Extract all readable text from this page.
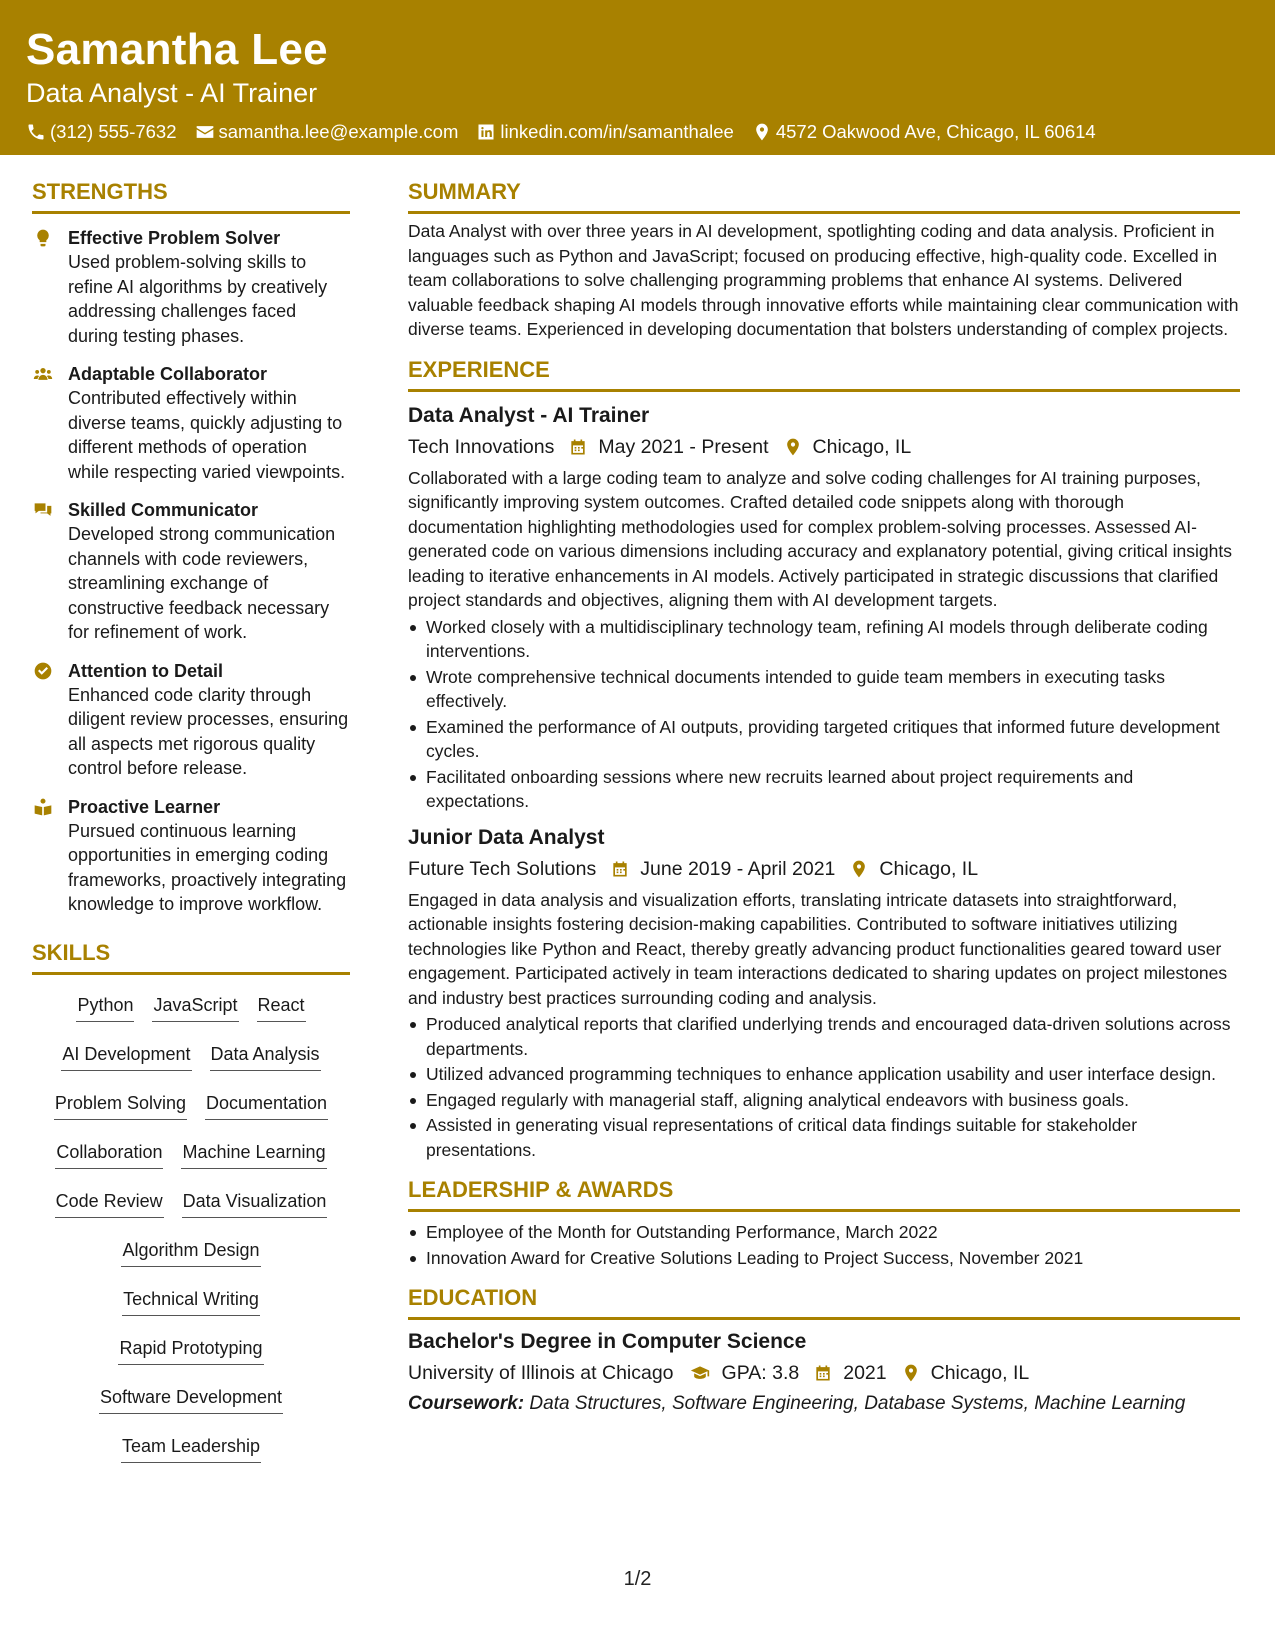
Samantha Lee
Data Analyst - AI Trainer
(312) 555-7632 samantha.lee@example.com linkedin.com/in/samanthalee 4572 Oakwood Ave, Chicago, IL 60614
STRENGTHS
Effective Problem Solver
Used problem-solving skills to refine AI algorithms by creatively addressing challenges faced during testing phases.
Adaptable Collaborator
Contributed effectively within diverse teams, quickly adjusting to different methods of operation while respecting varied viewpoints.
Skilled Communicator
Developed strong communication channels with code reviewers, streamlining exchange of constructive feedback necessary for refinement of work.
Attention to Detail
Enhanced code clarity through diligent review processes, ensuring all aspects met rigorous quality control before release.
Proactive Learner
Pursued continuous learning opportunities in emerging coding frameworks, proactively integrating knowledge to improve workflow.
SKILLS
Python JavaScript React
AI Development Data Analysis
Problem Solving Documentation
Collaboration Machine Learning
Code Review Data Visualization
Algorithm Design
Technical Writing
Rapid Prototyping
Software Development
Team Leadership
SUMMARY
Data Analyst with over three years in AI development, spotlighting coding and data analysis. Proficient in languages such as Python and JavaScript; focused on producing effective, high-quality code. Excelled in team collaborations to solve challenging programming problems that enhance AI systems. Delivered valuable feedback shaping AI models through innovative efforts while maintaining clear communication with diverse teams. Experienced in developing documentation that bolsters understanding of complex projects.
EXPERIENCE
Data Analyst - AI Trainer
Tech Innovations May 2021 - Present Chicago, IL
Collaborated with a large coding team to analyze and solve coding challenges for AI training purposes, significantly improving system outcomes. Crafted detailed code snippets along with thorough documentation highlighting methodologies used for complex problem-solving processes. Assessed AI-generated code on various dimensions including accuracy and explanatory potential, giving critical insights leading to iterative enhancements in AI models. Actively participated in strategic discussions that clarified project standards and objectives, aligning them with AI development targets.
Worked closely with a multidisciplinary technology team, refining AI models through deliberate coding interventions.
Wrote comprehensive technical documents intended to guide team members in executing tasks effectively.
Examined the performance of AI outputs, providing targeted critiques that informed future development cycles.
Facilitated onboarding sessions where new recruits learned about project requirements and expectations.
Junior Data Analyst
Future Tech Solutions June 2019 - April 2021 Chicago, IL
Engaged in data analysis and visualization efforts, translating intricate datasets into straightforward, actionable insights fostering decision-making capabilities. Contributed to software initiatives utilizing technologies like Python and React, thereby greatly advancing product functionalities geared toward user engagement. Participated actively in team interactions dedicated to sharing updates on project milestones and industry best practices surrounding coding and analysis.
Produced analytical reports that clarified underlying trends and encouraged data-driven solutions across departments.
Utilized advanced programming techniques to enhance application usability and user interface design.
Engaged regularly with managerial staff, aligning analytical endeavors with business goals.
Assisted in generating visual representations of critical data findings suitable for stakeholder presentations.
LEADERSHIP & AWARDS
Employee of the Month for Outstanding Performance, March 2022
Innovation Award for Creative Solutions Leading to Project Success, November 2021
EDUCATION
Bachelor's Degree in Computer Science
University of Illinois at Chicago GPA: 3.8 2021 Chicago, IL
Coursework: Data Structures, Software Engineering, Database Systems, Machine Learning
1/2
